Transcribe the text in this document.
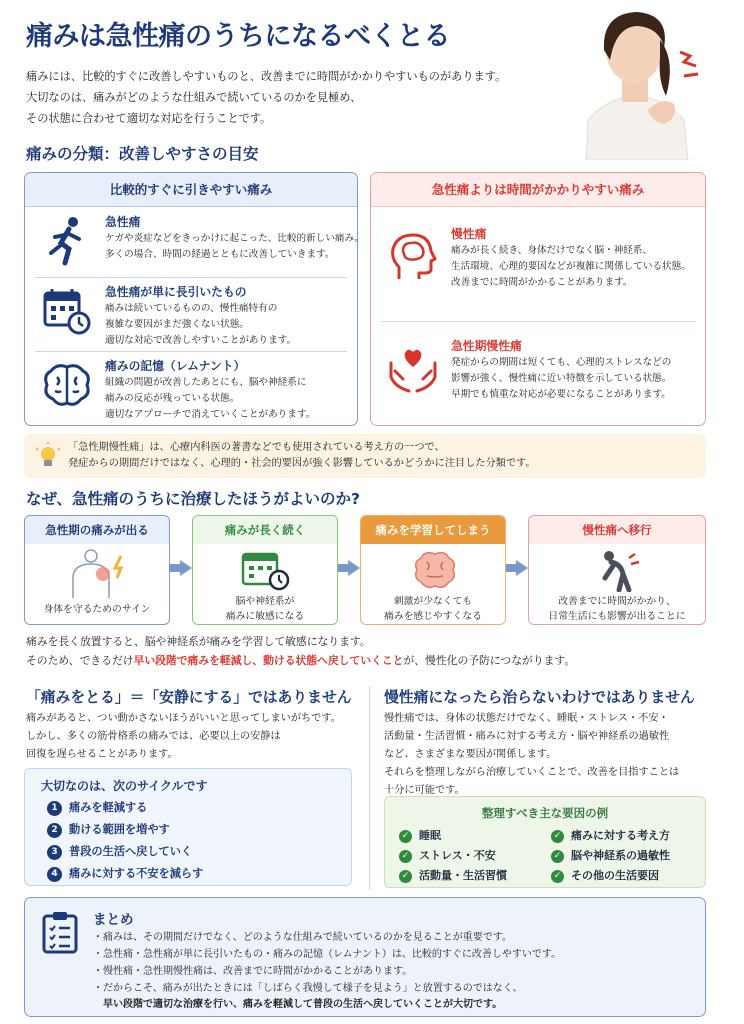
痛みは急性痛のうちになるべくとる
痛みには、比較的すぐに改善しやすいものと、改善までに時間がかかりやすいものがあります。
大切なのは、痛みがどのような仕組みで続いているのかを見極め、
その状態に合わせて適切な対応を行うことです。
痛みの分類：改善しやすさの目安
比較的すぐに引きやすい痛み
急性痛
ケガや炎症などをきっかけに起こった、比較的新しい痛み。
多くの場合、時間の経過とともに改善していきます。
急性痛が単に長引いたもの
痛みは続いているものの、慢性痛特有の
複雑な要因がまだ強くない状態。
適切な対応で改善しやすいことがあります。
痛みの記憶（レムナント）
組織の問題が改善したあとにも、脳や神経系に
痛みの反応が残っている状態。
適切なアプローチで消えていくことがあります。
急性痛よりは時間がかかりやすい痛み
慢性痛
痛みが長く続き、身体だけでなく脳・神経系、
生活環境、心理的要因などが複雑に関係している状態。
改善までに時間がかかることがあります。
急性期慢性痛
発症からの期間は短くても、心理的ストレスなどの
影響が強く、慢性痛に近い特徴を示している状態。
早期でも慎重な対応が必要になることがあります。
「急性期慢性痛」は、心療内科医の著書などでも使用されている考え方の一つで、
発症からの期間だけではなく、心理的・社会的要因が強く影響しているかどうかに注目した分類です。
なぜ、急性痛のうちに治療したほうがよいのか?
急性期の痛みが出る
身体を守るためのサイン
痛みが長く続く
脳や神経系が
痛みに敏感になる
痛みを学習してしまう
刺激が少なくても
痛みを感じやすくなる
慢性痛へ移行
改善までに時間がかかり、
日常生活にも影響が出ることに
痛みを長く放置すると、脳や神経系が痛みを学習して敏感になります。
そのため、できるだけ早い段階で痛みを軽減し、動ける状態へ戻していくことが、慢性化の予防につながります。
「痛みをとる」＝「安静にする」ではありません
痛みがあると、つい動かさないほうがいいと思ってしまいがちです。
しかし、多くの筋骨格系の痛みでは、必要以上の安静は
回復を遅らせることがあります。
大切なのは、次のサイクルです
1 痛みを軽減する
2 動ける範囲を増やす
3 普段の生活へ戻していく
4 痛みに対する不安を減らす
慢性痛になったら治らないわけではありません
慢性痛では、身体の状態だけでなく、睡眠・ストレス・不安・
活動量・生活習慣・痛みに対する考え方・脳や神経系の過敏性
など、さまざまな要因が関係します。
それらを整理しながら治療していくことで、改善を目指すことは
十分に可能です。
整理すべき主な要因の例
✓ 睡眠	✓ 痛みに対する考え方
✓ ストレス・不安	✓ 脳や神経系の過敏性
✓ 活動量・生活習慣	✓ その他の生活要因
まとめ
・痛みは、その期間だけでなく、どのような仕組みで続いているのかを見ることが重要です。
・急性痛・急性痛が単に長引いたもの・痛みの記憶（レムナント）は、比較的すぐに改善しやすいです。
・慢性痛・急性期慢性痛は、改善までに時間がかかることがあります。
・だからこそ、痛みが出たときには「しばらく我慢して様子を見よう」と放置するのではなく、
早い段階で適切な治療を行い、痛みを軽減して普段の生活へ戻していくことが大切です。
